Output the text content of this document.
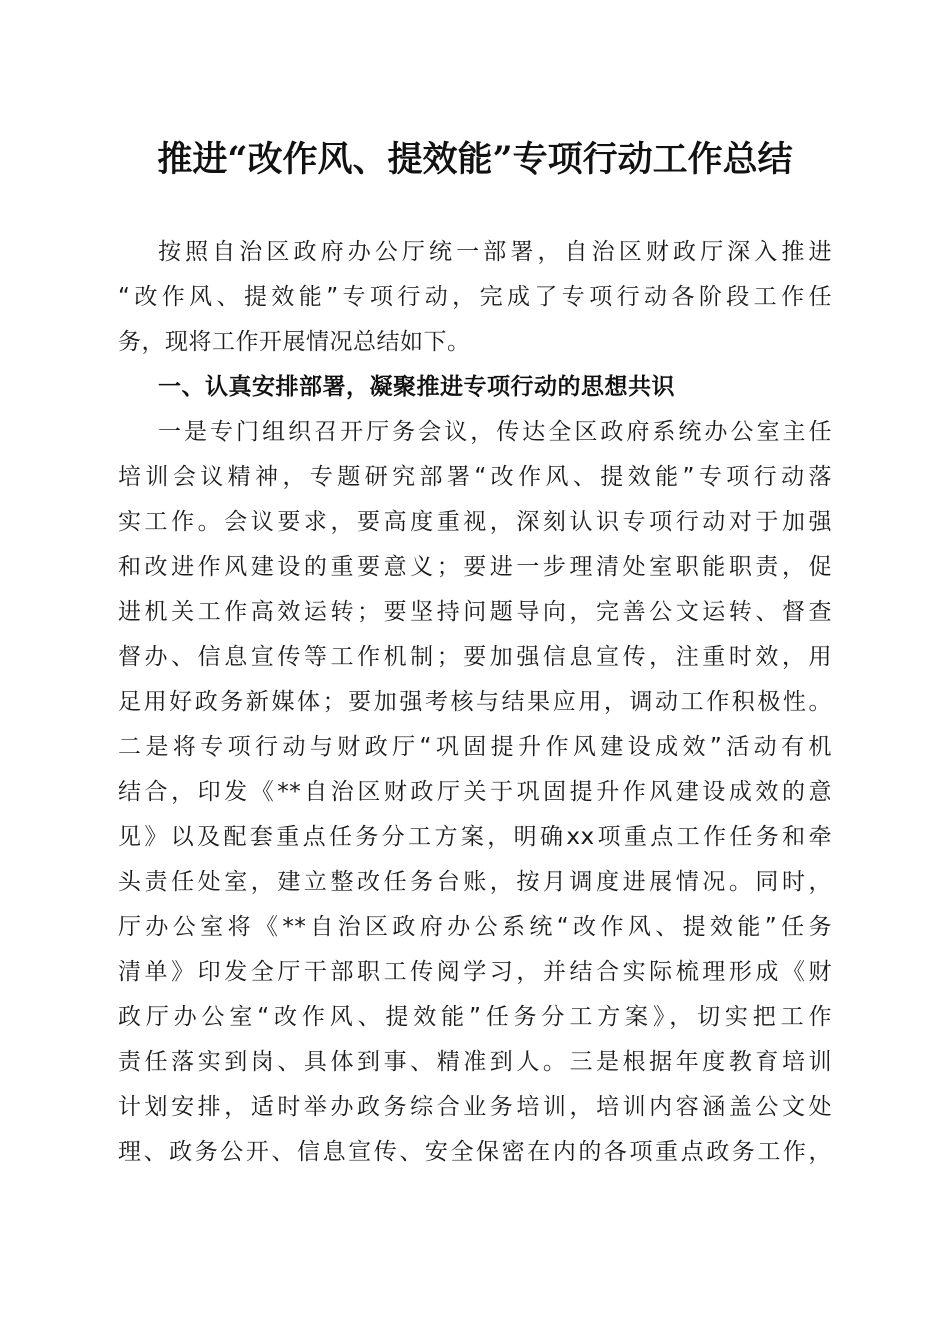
推进“改作风、提效能”专项行动工作总结
按照自治区政府办公厅统一部署，自治区财政厅深入推进
“改作风、提效能”专项行动，完成了专项行动各阶段工作任
务，现将工作开展情况总结如下。
一、认真安排部署，凝聚推进专项行动的思想共识
一是专门组织召开厅务会议，传达全区政府系统办公室主任
培训会议精神，专题研究部署“改作风、提效能”专项行动落
实工作。会议要求，要高度重视，深刻认识专项行动对于加强
和改进作风建设的重要意义；要进一步理清处室职能职责，促
进机关工作高效运转；要坚持问题导向，完善公文运转、督查
督办、信息宣传等工作机制；要加强信息宣传，注重时效，用
足用好政务新媒体；要加强考核与结果应用，调动工作积极性。
二是将专项行动与财政厅“巩固提升作风建设成效”活动有机
结合，印发《**自治区财政厅关于巩固提升作风建设成效的意
见》以及配套重点任务分工方案，明确xx项重点工作任务和牵
头责任处室，建立整改任务台账，按月调度进展情况。同时，
厅办公室将《**自治区政府办公系统“改作风、提效能”任务
清单》印发全厅干部职工传阅学习，并结合实际梳理形成《财
政厅办公室“改作风、提效能”任务分工方案》，切实把工作
责任落实到岗、具体到事、精准到人。三是根据年度教育培训
计划安排，适时举办政务综合业务培训，培训内容涵盖公文处
理、政务公开、信息宣传、安全保密在内的各项重点政务工作，
